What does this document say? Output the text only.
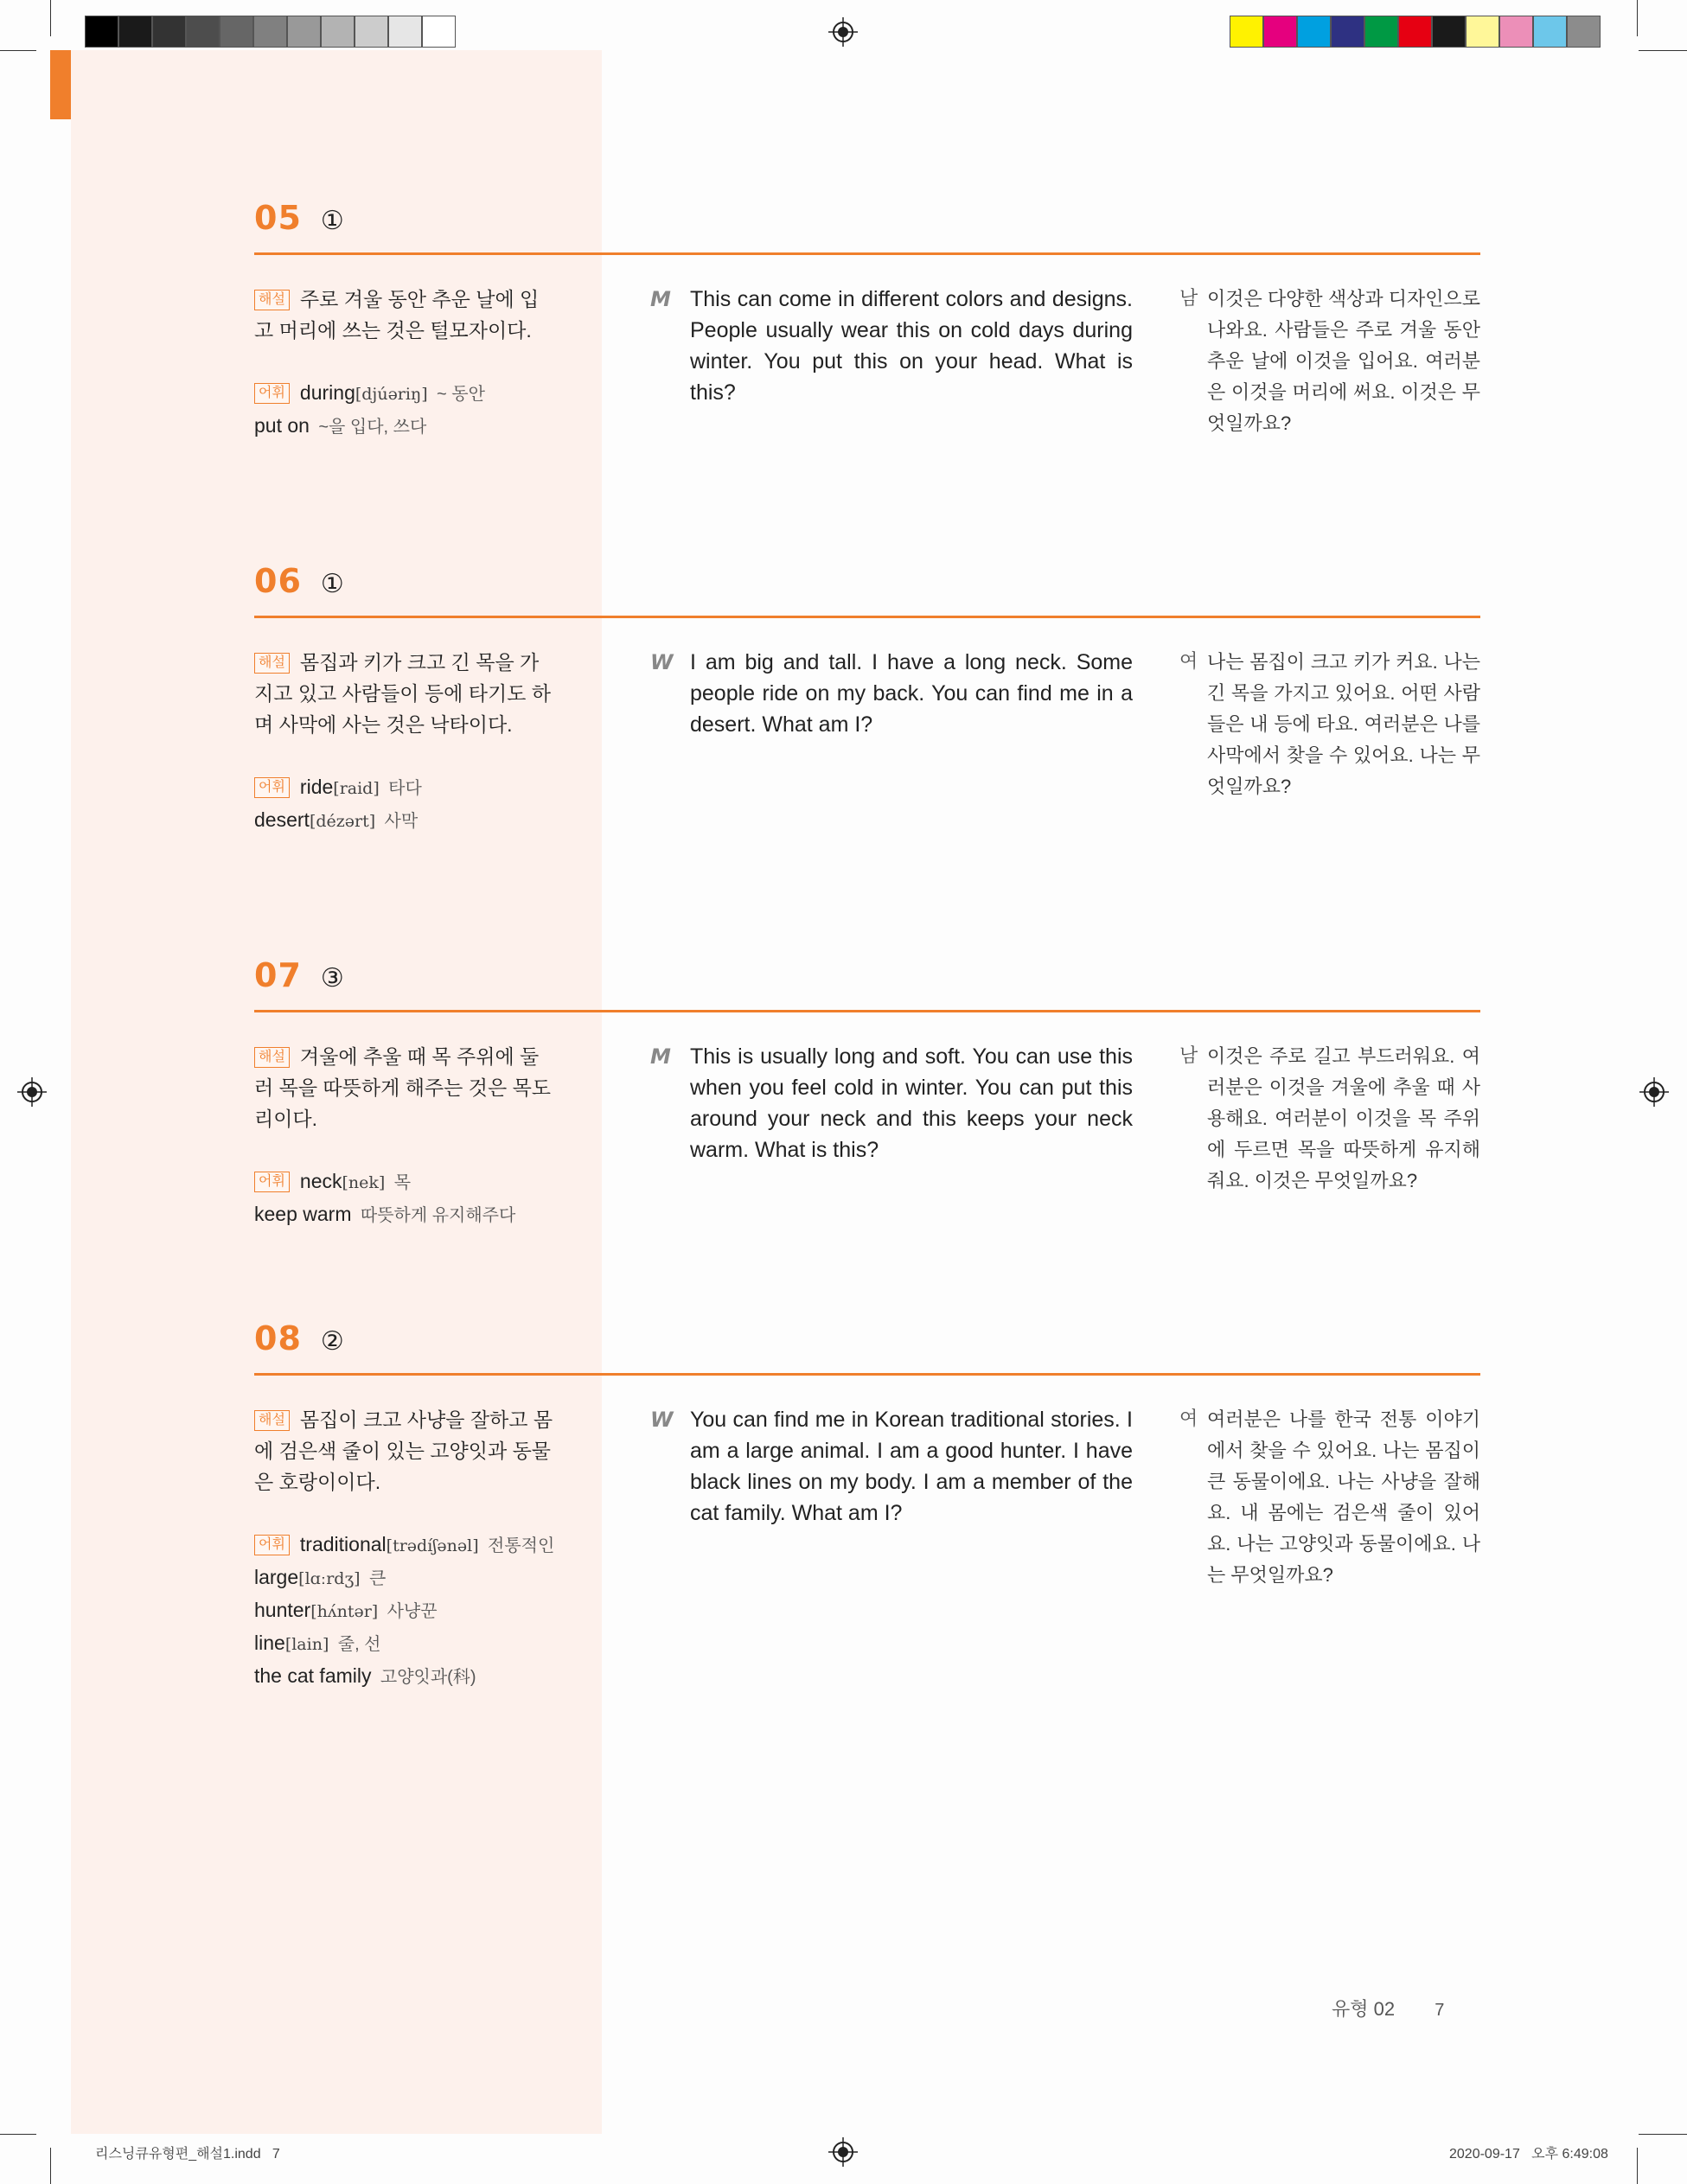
05 ①
해설 주로 겨울 동안 추운 날에 입고 머리에 쓰는 것은 털모자이다.
어휘 during[djúəriŋ] ~ 동안
put on ~을 입다, 쓰다
M This can come in different colors and designs. People usually wear this on cold days during winter. You put this on your head. What is this?
남 이것은 다양한 색상과 디자인으로 나와요. 사람들은 주로 겨울 동안 추운 날에 이것을 입어요. 여러분은 이것을 머리에 써요. 이것은 무엇일까요?
06 ①
해설 몸집과 키가 크고 긴 목을 가지고 있고 사람들이 등에 타기도 하며 사막에 사는 것은 낙타이다.
어휘 ride[raid] 타다
desert[dézərt] 사막
W I am big and tall. I have a long neck. Some people ride on my back. You can find me in a desert. What am I?
여 나는 몸집이 크고 키가 커요. 나는 긴 목을 가지고 있어요. 어떤 사람들은 내 등에 타요. 여러분은 나를 사막에서 찾을 수 있어요. 나는 무엇일까요?
07 ③
해설 겨울에 추울 때 목 주위에 둘러 목을 따뜻하게 해주는 것은 목도리이다.
어휘 neck[nek] 목
keep warm 따뜻하게 유지해주다
M This is usually long and soft. You can use this when you feel cold in winter. You can put this around your neck and this keeps your neck warm. What is this?
남 이것은 주로 길고 부드러워요. 여러분은 이것을 겨울에 추울 때 사용해요. 여러분이 이것을 목 주위에 두르면 목을 따뜻하게 유지해줘요. 이것은 무엇일까요?
08 ②
해설 몸집이 크고 사냥을 잘하고 몸에 검은색 줄이 있는 고양잇과 동물은 호랑이이다.
어휘 traditional[trədíʃənəl] 전통적인
large[lɑːrdʒ] 큰
hunter[hʌ́ntər] 사냥꾼
line[lain] 줄, 선
the cat family 고양잇과(科)
W You can find me in Korean traditional stories. I am a large animal. I am a good hunter. I have black lines on my body. I am a member of the cat family. What am I?
여 여러분은 나를 한국 전통 이야기에서 찾을 수 있어요. 나는 몸집이 큰 동물이에요. 나는 사냥을 잘해요. 내 몸에는 검은색 줄이 있어요. 나는 고양잇과 동물이에요. 나는 무엇일까요?
유형 02 7
리스닝큐유형편_해설1.indd   7	2020-09-17   오후 6:49:08
